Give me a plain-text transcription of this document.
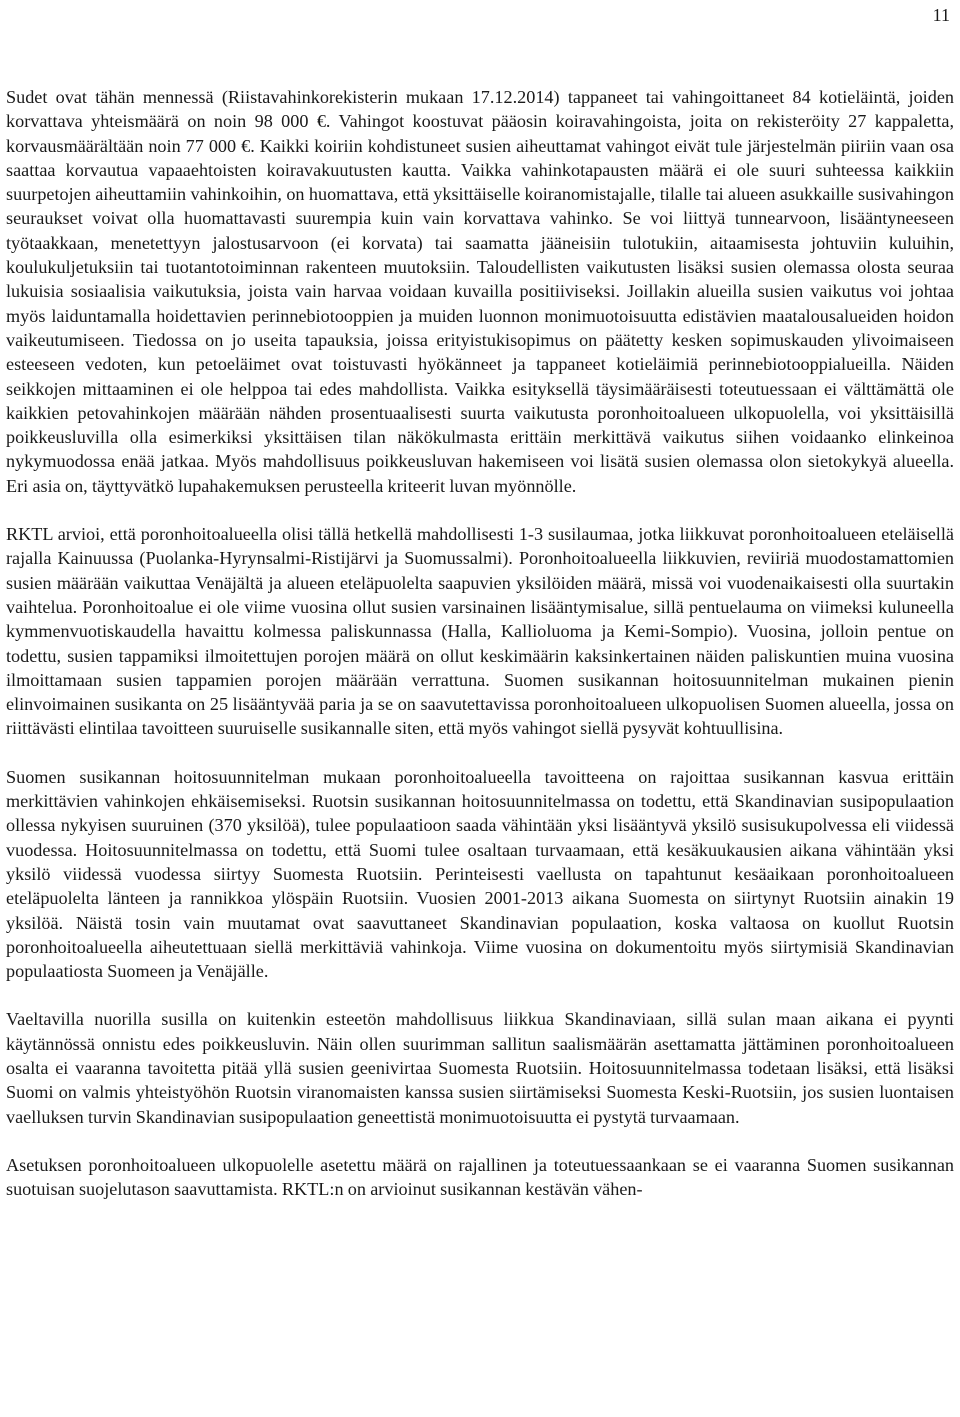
11

Sudet ovat tähän mennessä (Riistavahinkorekisterin mukaan 17.12.2014) tappaneet tai vahingoittaneet 84 kotieläintä, joiden korvattava yhteismäärä on noin 98 000 €. Vahingot koostuvat pääosin koiravahingoista, joita on rekisteröity 27 kappaletta, korvausmäärältään noin 77 000 €. Kaikki koiriin kohdistuneet susien aiheuttamat vahingot eivät tule järjestelmän piiriin vaan osa saattaa korvautua vapaaehtoisten koiravakuutusten kautta. Vaikka vahinkotapausten määrä ei ole suuri suhteessa kaikkiin suurpetojen aiheuttamiin vahinkoihin, on huomattava, että yksittäiselle koiranomistajalle, tilalle tai alueen asukkaille susivahingon seuraukset voivat olla huomattavasti suurempia kuin vain korvattava vahinko. Se voi liittyä tunnearvoon, lisääntyneeseen työtaakkaan, menetettyyn jalostusarvoon (ei korvata) tai saamatta jääneisiin tulotukiin, aitaamisesta johtuviin kuluihin, koulukuljetuksiin tai tuotantotoiminnan rakenteen muutoksiin. Taloudellisten vaikutusten lisäksi susien olemassa olosta seuraa lukuisia sosiaalisia vaikutuksia, joista vain harvaa voidaan kuvailla positiiviseksi. Joillakin alueilla susien vaikutus voi johtaa myös laiduntamalla hoidettavien perinnebiotooppien ja muiden luonnon monimuotoisuutta edistävien maatalousalueiden hoidon vaikeutumiseen. Tiedossa on jo useita tapauksia, joissa erityistukisopimus on päätetty kesken sopimuskauden ylivoimaiseen esteeseen vedoten, kun petoeläimet ovat toistuvasti hyökänneet ja tappaneet kotieläimiä perinnebiotooppialueilla. Näiden seikkojen mittaaminen ei ole helppoa tai edes mahdollista. Vaikka esityksellä täysimääräisesti toteutuessaan ei välttämättä ole kaikkien petovahinkojen määrään nähden prosentuaalisesti suurta vaikutusta poronhoitoalueen ulkopuolella, voi yksittäisillä poikkeusluvilla olla esimerkiksi yksittäisen tilan näkökulmasta erittäin merkittävä vaikutus siihen voidaanko elinkeinoa nykymuodossa enää jatkaa. Myös mahdollisuus poikkeusluvan hakemiseen voi lisätä susien olemassa olon sietokykyä alueella. Eri asia on, täyttyvätkö lupahakemuksen perusteella kriteerit luvan myönnölle.

RKTL arvioi, että poronhoitoalueella olisi tällä hetkellä mahdollisesti 1-3 susilaumaa, jotka liikkuvat poronhoitoalueen eteläisellä rajalla Kainuussa (Puolanka-Hyrynsalmi-Ristijärvi ja Suomussalmi). Poronhoitoalueella liikkuvien, reviiriä muodostamattomien susien määrään vaikuttaa Venäjältä ja alueen eteläpuolelta saapuvien yksilöiden määrä, missä voi vuodenaikaisesti olla suurtakin vaihtelua. Poronhoitoalue ei ole viime vuosina ollut susien varsinainen lisääntymisalue, sillä pentuelauma on viimeksi kuluneella kymmenvuotiskaudella havaittu kolmessa paliskunnassa (Halla, Kallioluoma ja Kemi-Sompio). Vuosina, jolloin pentue on todettu, susien tappamiksi ilmoitettujen porojen määrä on ollut keskimäärin kaksinkertainen näiden paliskuntien muina vuosina ilmoittamaan susien tappamien porojen määrään verrattuna. Suomen susikannan hoitosuunnitelman mukainen pienin elinvoimainen susikanta on 25 lisääntyvää paria ja se on saavutettavissa poronhoitoalueen ulkopuolisen Suomen alueella, jossa on riittävästi elintilaa tavoitteen suuruiselle susikannalle siten, että myös vahingot siellä pysyvät kohtuullisina.

Suomen susikannan hoitosuunnitelman mukaan poronhoitoalueella tavoitteena on rajoittaa susikannan kasvua erittäin merkittävien vahinkojen ehkäisemiseksi. Ruotsin susikannan hoitosuunnitelmassa on todettu, että Skandinavian susipopulaation ollessa nykyisen suuruinen (370 yksilöä), tulee populaatioon saada vähintään yksi lisääntyvä yksilö susisukupolvessa eli viidessä vuodessa. Hoitosuunnitelmassa on todettu, että Suomi tulee osaltaan turvaamaan, että kesäkuukausien aikana vähintään yksi yksilö viidessä vuodessa siirtyy Suomesta Ruotsiin. Perinteisesti vaellusta on tapahtunut kesäaikaan poronhoitoalueen eteläpuolelta länteen ja rannikkoa ylöspäin Ruotsiin. Vuosien 2001-2013 aikana Suomesta on siirtynyt Ruotsiin ainakin 19 yksilöä. Näistä tosin vain muutamat ovat saavuttaneet Skandinavian populaation, koska valtaosa on kuollut Ruotsin poronhoitoalueella aiheutettuaan siellä merkittäviä vahinkoja. Viime vuosina on dokumentoitu myös siirtymisiä Skandinavian populaatiosta Suomeen ja Venäjälle.

Vaeltavilla nuorilla susilla on kuitenkin esteetön mahdollisuus liikkua Skandinaviaan, sillä sulan maan aikana ei pyynti käytännössä onnistu edes poikkeusluvin. Näin ollen suurimman sallitun saalismäärän asettamatta jättäminen poronhoitoalueen osalta ei vaaranna tavoitetta pitää yllä susien geenivirtaa Suomesta Ruotsiin. Hoitosuunnitelmassa todetaan lisäksi, että lisäksi Suomi on valmis yhteistyöhön Ruotsin viranomaisten kanssa susien siirtämiseksi Suomesta Keski-Ruotsiin, jos susien luontaisen vaelluksen turvin Skandinavian susipopulaation geneettistä monimuotoisuutta ei pystytä turvaamaan.

Asetuksen poronhoitoalueen ulkopuolelle asetettu määrä on rajallinen ja toteutuessaankaan se ei vaaranna Suomen susikannan suotuisan suojelutason saavuttamista. RKTL:n on arvioinut susikannan kestävän vähen-
